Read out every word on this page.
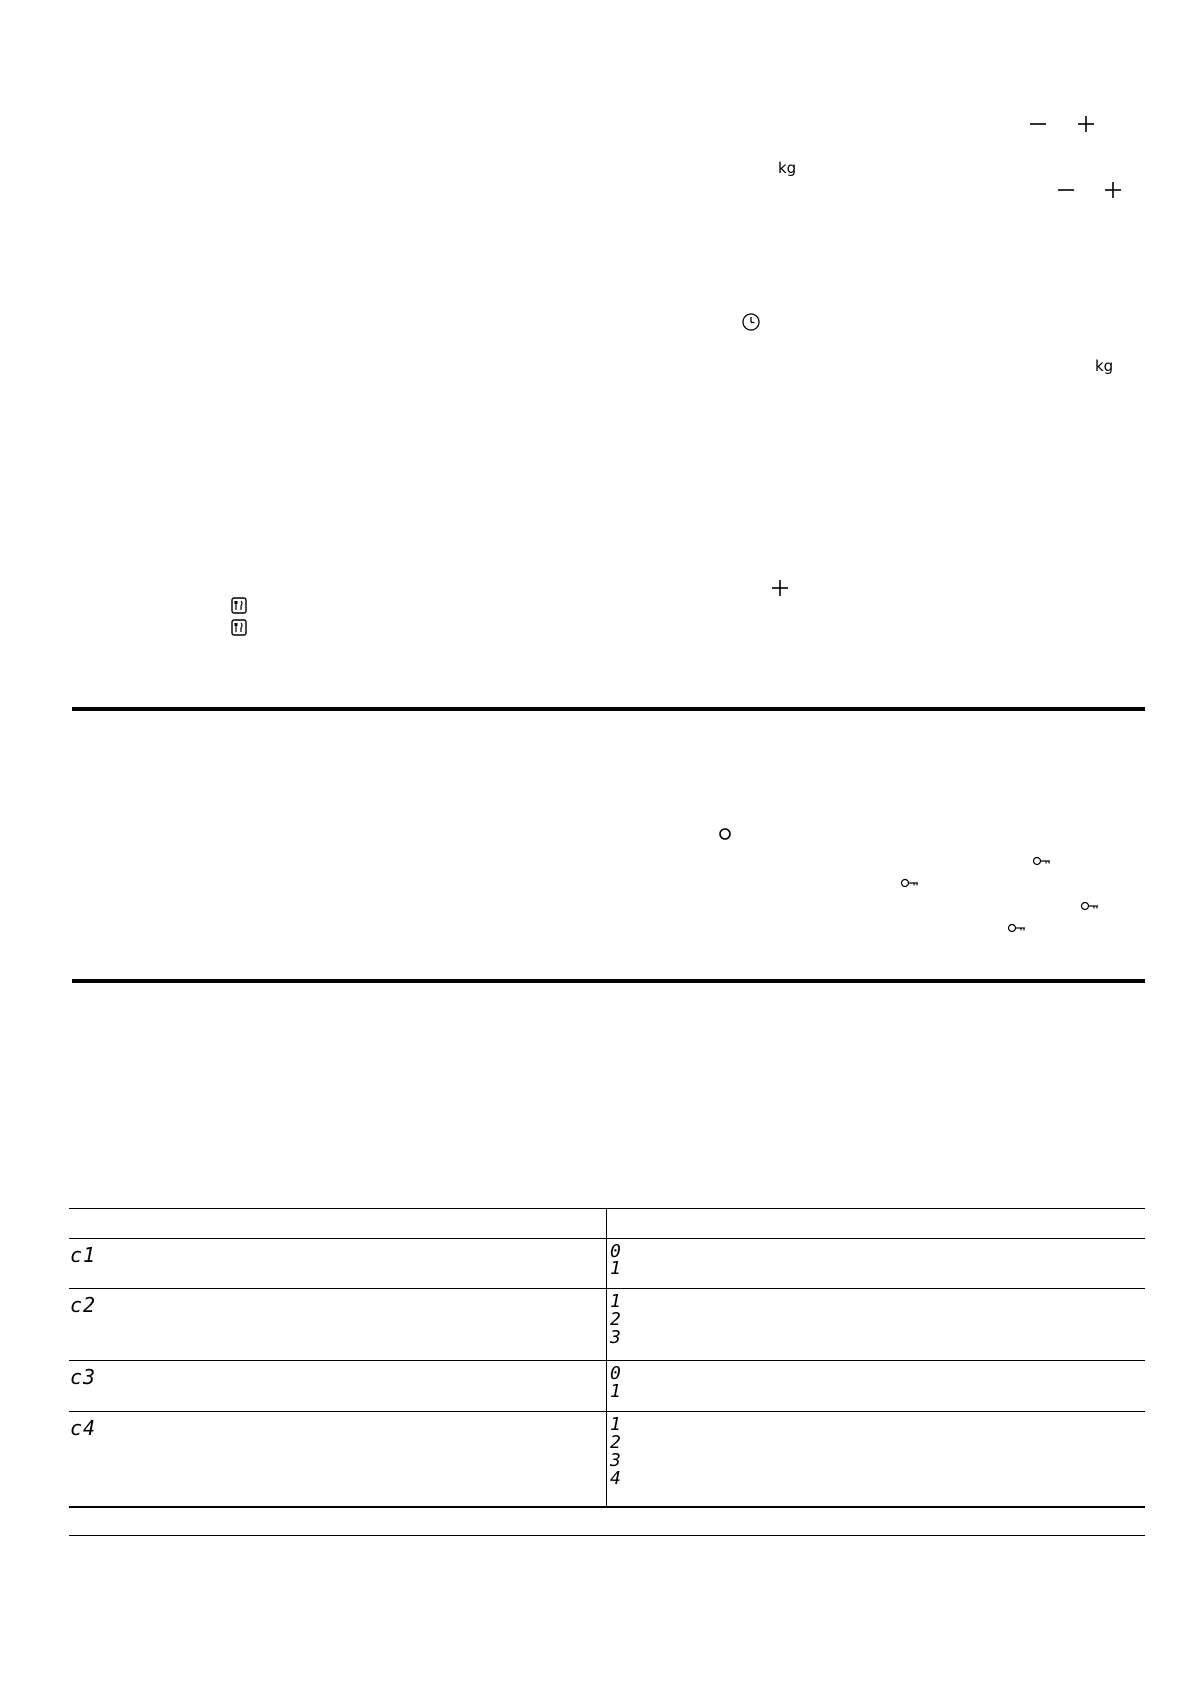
kg
kg
c1	0
1
c2	1
2
3
c3	0
1
c4	1
2
3
4
